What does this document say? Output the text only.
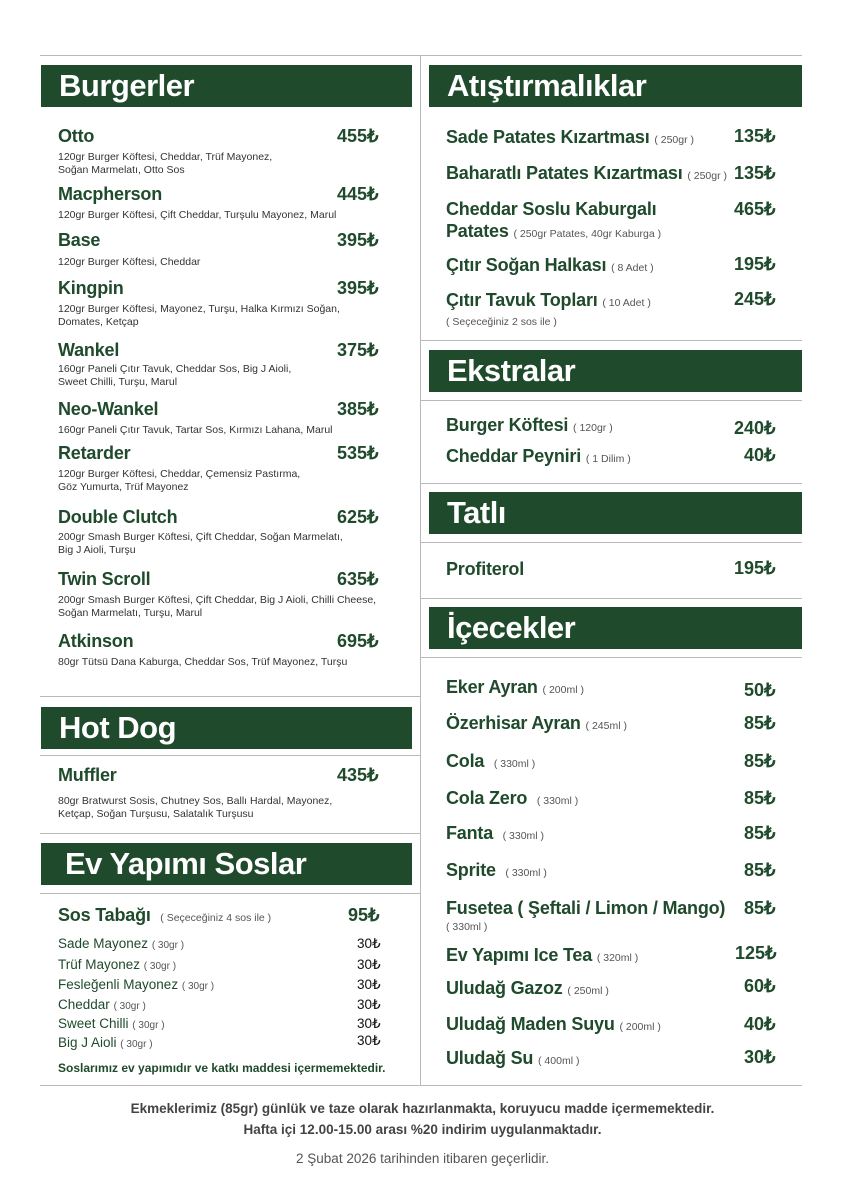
Burgerler
Hot Dog
Ev Yapımı Soslar
Atıştırmalıklar
Ekstralar
Tatlı
İçecekler
Otto	455₺
120gr Burger Köftesi, Cheddar, Trüf Mayonez,
Soğan Marmelatı, Otto Sos
Macpherson	445₺
120gr Burger Köftesi, Çift Cheddar, Turşulu Mayonez, Marul
Base	395₺
120gr Burger Köftesi, Cheddar
Kingpin	395₺
120gr Burger Köftesi, Mayonez, Turşu, Halka Kırmızı Soğan,
Domates, Ketçap
Wankel	375₺
160gr Paneli Çıtır Tavuk, Cheddar Sos, Big J Aioli,
Sweet Chilli, Turşu, Marul
Neo-Wankel	385₺
160gr Paneli Çıtır Tavuk, Tartar Sos, Kırmızı Lahana, Marul
Retarder	535₺
120gr Burger Köftesi, Cheddar, Çemensiz Pastırma,
Göz Yumurta, Trüf Mayonez
Double Clutch	625₺
200gr Smash Burger Köftesi, Çift Cheddar, Soğan Marmelatı,
Big J Aioli, Turşu
Twin Scroll	635₺
200gr Smash Burger Köftesi, Çift Cheddar, Big J Aioli, Chilli Cheese,
Soğan Marmelatı, Turşu, Marul
Atkinson	695₺
80gr Tütsü Dana Kaburga, Cheddar Sos, Trüf Mayonez, Turşu
Muffler	435₺
80gr Bratwurst Sosis, Chutney Sos, Ballı Hardal, Mayonez,
Ketçap, Soğan Turşusu, Salatalık Turşusu
Sos Tabağı ( Seçeceğiniz 4 sos ile )	95₺
Sade Mayonez ( 30gr )	30₺
Trüf Mayonez ( 30gr )	30₺
Fesleğenli Mayonez ( 30gr )	30₺
Cheddar ( 30gr )	30₺
Sweet Chilli ( 30gr )	30₺
Big J Aioli ( 30gr )	30₺
Soslarımız ev yapımıdır ve katkı maddesi içermemektedir.
Sade Patates Kızartması ( 250gr ) 135₺
Baharatlı Patates Kızartması ( 250gr ) 135₺
Cheddar Soslu Kaburgalı
Patates ( 250gr Patates, 40gr Kaburga )
465₺
Çıtır Soğan Halkası ( 8 Adet )	195₺
Çıtır Tavuk Topları ( 10 Adet )	245₺
( Seçeceğiniz 2 sos ile )
Burger Köftesi ( 120gr )	240₺
Cheddar Peyniri ( 1 Dilim )	40₺
Profiterol	195₺
Eker Ayran ( 200ml )	50₺
Özerhisar Ayran ( 245ml )	85₺
Cola ( 330ml )	85₺
Cola Zero ( 330ml )	85₺
Fanta ( 330ml )	85₺
Sprite ( 330ml )	85₺
Fusetea ( Şeftali / Limon / Mango) 85₺
( 330ml )
Ev Yapımı Ice Tea ( 320ml )	125₺
Uludağ Gazoz ( 250ml )	60₺
Uludağ Maden Suyu ( 200ml )	40₺
Uludağ Su ( 400ml )	30₺
Ekmeklerimiz (85gr) günlük ve taze olarak hazırlanmakta, koruyucu madde içermemektedir.
Hafta içi 12.00-15.00 arası %20 indirim uygulanmaktadır.
2 Şubat 2026 tarihinden itibaren geçerlidir.
